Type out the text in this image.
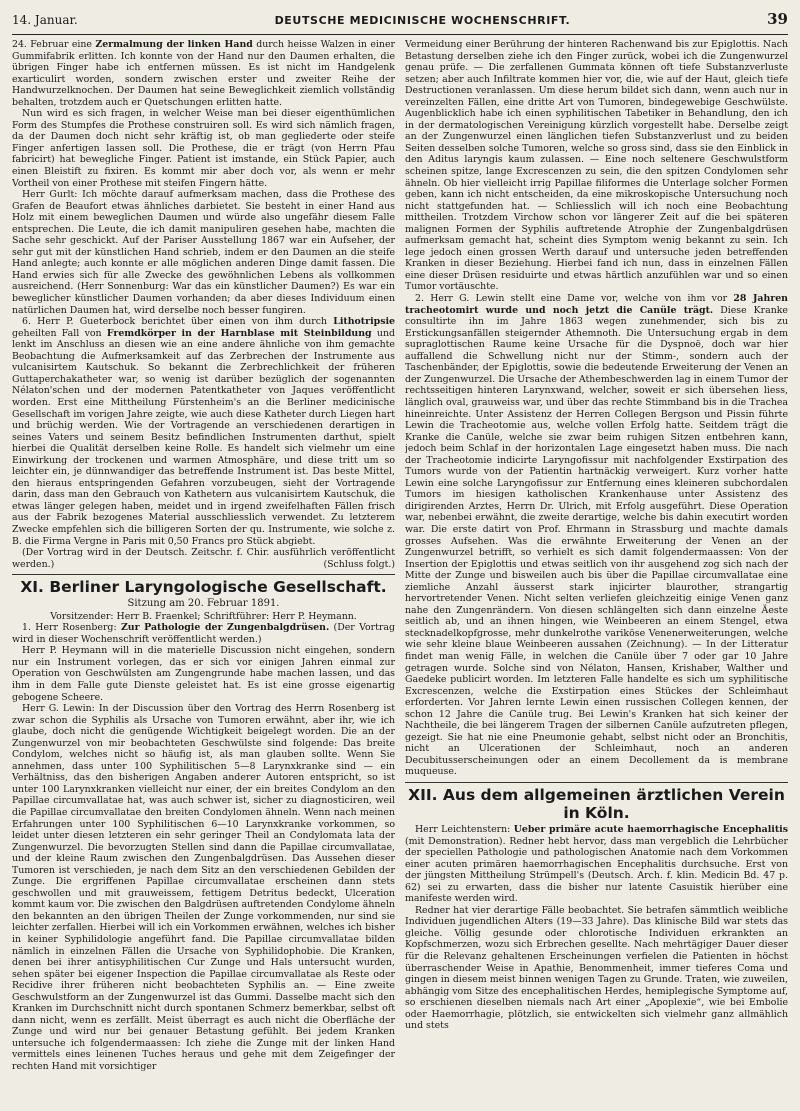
14. Januar.	DEUTSCHE MEDICINISCHE WOCHENSCHRIFT.	39

24. Februar eine Zermalmung der linken Hand durch heisse Walzen in einer Gummifabrik erlitten. Ich konnte von der Hand nur den Daumen erhalten, die übrigen Finger habe ich entfernen müssen. Es ist nicht im Handgelenk exarticulirt worden, sondern zwischen erster und zweiter Reihe der Handwurzelknochen. Der Daumen hat seine Beweglichkeit ziemlich vollständig behalten, trotzdem auch er Quetschungen erlitten hatte.

Nun wird es sich fragen, in welcher Weise man bei dieser eigenthümlichen Form des Stumpfes die Prothese construiren soll. Es wird sich nämlich fragen, da der Daumen doch nicht sehr kräftig ist, ob man gegliederte oder steife Finger anfertigen lassen soll. Die Prothese, die er trägt (von Herrn Pfau fabricirt) hat bewegliche Finger. Patient ist imstande, ein Stück Papier, auch einen Bleistift zu fixiren. Es kommt mir aber doch vor, als wenn er mehr Vortheil von einer Prothese mit steifen Fingern hätte.

Herr Gurlt: Ich möchte darauf aufmerksam machen, dass die Prothese des Grafen de Beaufort etwas ähnliches darbietet. Sie besteht in einer Hand aus Holz mit einem beweglichen Daumen und würde also ungefähr diesem Falle entsprechen. Die Leute, die ich damit manipuliren gesehen habe, machten die Sache sehr geschickt. Auf der Pariser Ausstellung 1867 war ein Aufseher, der sehr gut mit der künstlichen Hand schrieb, indem er den Daumen an die steife Hand anlegte; auch konnte er alle möglichen anderen Dinge damit fassen. Die Hand erwies sich für alle Zwecke des gewöhnlichen Lebens als vollkommen ausreichend. (Herr Sonnenburg: War das ein künstlicher Daumen?) Es war ein beweglicher künstlicher Daumen vorhanden; da aber dieses Individuum einen natürlichen Daumen hat, wird derselbe noch besser fungiren.

6. Herr P. Gueterbock berichtet über einen von ihm durch Lithotripsie geheilten Fall von Fremdkörper in der Harnblase mit Steinbildung und lenkt im Anschluss an diesen wie an eine andere ähnliche von ihm gemachte Beobachtung die Aufmerksamkeit auf das Zerbrechen der Instrumente aus vulcanisirtem Kautschuk. So bekannt die Zerbrechlichkeit der früheren Guttaperchakatheter war, so wenig ist darüber bezüglich der sogenannten Nélaton'schen und der modernen Patentkatheter von Jaques veröffentlicht worden. Erst eine Mittheilung Fürstenheim's an die Berliner medicinische Gesellschaft im vorigen Jahre zeigte, wie auch diese Katheter durch Liegen hart und brüchig werden. Wie der Vortragende an verschiedenen derartigen in seines Vaters und seinem Besitz befindlichen Instrumenten darthut, spielt hierbei die Qualität derselben keine Rolle. Es handelt sich vielmehr um eine Einwirkung der trockenen und warmen Atmosphäre, und diese tritt um so leichter ein, je dünnwandiger das betreffende Instrument ist. Das beste Mittel, den hieraus entspringenden Gefahren vorzubeugen, sieht der Vortragende darin, dass man den Gebrauch von Kathetern aus vulcanisirtem Kautschuk, die etwas länger gelegen haben, meidet und in irgend zweifelhaften Fällen frisch aus der Fabrik bezogenes Material ausschliesslich verwendet. Zu letzterem Zwecke empfehlen sich die billigeren Sorten der qu. Instrumente, wie solche z. B. die Firma Vergne in Paris mit 0,50 Francs pro Stück abgiebt.

(Der Vortrag wird in der Deutsch. Zeitschr. f. Chir. ausführlich veröffentlicht werden.)	(Schluss folgt.)

XI. Berliner Laryngologische Gesellschaft.
Sitzung am 20. Februar 1891.
Vorsitzender: Herr B. Fraenkel; Schriftführer: Herr P. Heymann.

1. Herr Rosenberg: Zur Pathologie der Zungenbalgdrüsen. (Der Vortrag wird in dieser Wochenschrift veröffentlicht werden.)

Herr P. Heymann will in die materielle Discussion nicht eingehen, sondern nur ein Instrument vorlegen, das er sich vor einigen Jahren einmal zur Operation von Geschwülsten am Zungengrunde habe machen lassen, und das ihm in dem Falle gute Dienste geleistet hat. Es ist eine grosse eigenartig gebogene Scheere.

Herr G. Lewin: In der Discussion über den Vortrag des Herrn Rosenberg ist zwar schon die Syphilis als Ursache von Tumoren erwähnt, aber ihr, wie ich glaube, doch nicht die genügende Wichtigkeit beigelegt worden. Die an der Zungenwurzel von mir beobachteten Geschwülste sind folgende: Das breite Condylom, welches nicht so häufig ist, als man glauben sollte. Wenn Sie annehmen, dass unter 100 Syphilitischen 5—8 Larynxkranke sind — ein Verhältniss, das den bisherigen Angaben anderer Autoren entspricht, so ist unter 100 Larynxkranken vielleicht nur einer, der ein breites Condylom an den Papillae circumvallatae hat, was auch schwer ist, sicher zu diagnosticiren, weil die Papillae circumvallatae den breiten Condylomen ähneln. Wenn nach meinen Erfahrungen unter 100 Syphilitischen 6—10 Larynxkranke vorkommen, so leidet unter diesen letzteren ein sehr geringer Theil an Condylomata lata der Zungenwurzel. Die bevorzugten Stellen sind dann die Papillae circumvallatae, und der kleine Raum zwischen den Zungenbalgdrüsen. Das Aussehen dieser Tumoren ist verschieden, je nach dem Sitz an den verschiedenen Gebilden der Zunge. Die ergriffenen Papillae circumvallatae erscheinen dann stets geschwollen und mit grauweissem, fettigem Detritus bedeckt, Ulceration kommt kaum vor. Die zwischen den Balgdrüsen auftretenden Condylome ähneln den bekannten an den übrigen Theilen der Zunge vorkommenden, nur sind sie leichter zerfallen. Hierbei will ich ein Vorkommen erwähnen, welches ich bisher in keiner Syphilidologie angeführt fand. Die Papillae circumvallatae bilden nämlich in einzelnen Fällen die Ursache von Syphilidophobie. Die Kranken, denen bei ihrer antisyphilitischen Cur Zunge und Hals untersucht wurden, sehen später bei eigener Inspection die Papillae circumvallatae als Reste oder Recidive ihrer früheren nicht beobachteten Syphilis an. — Eine zweite Geschwulstform an der Zungenwurzel ist das Gummi. Dasselbe macht sich den Kranken im Durchschnitt nicht durch spontanen Schmerz bemerkbar, selbst oft dann nicht, wenn es zerfällt. Meist überragt es auch nicht die Oberfläche der Zunge und wird nur bei genauer Betastung gefühlt. Bei jedem Kranken untersuche ich folgendermaassen: Ich ziehe die Zunge mit der linken Hand vermittels eines leinenen Tuches heraus und gehe mit dem Zeigefinger der rechten Hand mit vorsichtiger

Vermeidung einer Berührung der hinteren Rachenwand bis zur Epiglottis. Nach Betastung derselben ziehe ich den Finger zurück, wobei ich die Zungenwurzel genau prüfe. — Die zerfallenen Gummata können oft tiefe Substanzverluste setzen; aber auch Infiltrate kommen hier vor, die, wie auf der Haut, gleich tiefe Destructionen veranlassen. Um diese herum bildet sich dann, wenn auch nur in vereinzelten Fällen, eine dritte Art von Tumoren, bindegewebige Geschwülste. Augenblicklich habe ich einen syphilitischen Tabetiker in Behandlung, den ich in der dermatologischen Vereinigung kürzlich vorgestellt habe. Derselbe zeigt an der Zungenwurzel einen länglichen tiefen Substanzverlust und zu beiden Seiten desselben solche Tumoren, welche so gross sind, dass sie den Einblick in den Aditus laryngis kaum zulassen. — Eine noch seltenere Geschwulstform scheinen spitze, lange Excrescenzen zu sein, die den spitzen Condylomen sehr ähneln. Ob hier vielleicht irrig Papillae filiformes die Unterlage solcher Formen geben, kann ich nicht entscheiden, da eine mikroskopische Untersuchung noch nicht stattgefunden hat. — Schliesslich will ich noch eine Beobachtung mittheilen. Trotzdem Virchow schon vor längerer Zeit auf die bei späteren malignen Formen der Syphilis auftretende Atrophie der Zungenbalgdrüsen aufmerksam gemacht hat, scheint dies Symptom wenig bekannt zu sein. Ich lege jedoch einen grossen Werth darauf und untersuche jeden betreffenden Kranken in dieser Beziehung. Hierbei fand ich nun, dass in einzelnen Fällen eine dieser Drüsen residuirte und etwas härtlich anzufühlen war und so einen Tumor vortäuschte.

2. Herr G. Lewin stellt eine Dame vor, welche von ihm vor 28 Jahren tracheotomirt wurde und noch jetzt die Canüle trägt. Diese Kranke consultirte ihn im Jahre 1863 wegen zunehmender, sich bis zu Erstickungsanfällen steigernder Athemnoth. Die Untersuchung ergab in dem supraglottischen Raume keine Ursache für die Dyspnoë, doch war hier auffallend die Schwellung nicht nur der Stimm-, sondern auch der Taschenbänder, der Epiglottis, sowie die bedeutende Erweiterung der Venen an der Zungenwurzel. Die Ursache der Athembeschwerden lag in einem Tumor der rechtsseitigen hinteren Larynxwand, welcher, soweit er sich übersehen liess, länglich oval, grauweiss war, und über das rechte Stimmband bis in die Trachea hineinreichte. Unter Assistenz der Herren Collegen Bergson und Pissin führte Lewin die Tracheotomie aus, welche vollen Erfolg hatte. Seitdem trägt die Kranke die Canüle, welche sie zwar beim ruhigen Sitzen entbehren kann, jedoch beim Schlaf in der horizontalen Lage eingesetzt haben muss. Die nach der Tracheotomie indicirte Laryngofissur mit nachfolgender Exstirpation des Tumors wurde von der Patientin hartnäckig verweigert. Kurz vorher hatte Lewin eine solche Laryngofissur zur Entfernung eines kleineren subchordalen Tumors im hiesigen katholischen Krankenhause unter Assistenz des dirigirenden Arztes, Herrn Dr. Ulrich, mit Erfolg ausgeführt. Diese Operation war, nebenbei erwähnt, die zweite derartige, welche bis dahin executirt worden war. Die erste datirt von Prof. Ehrmann in Strassburg und machte damals grosses Aufsehen. Was die erwähnte Erweiterung der Venen an der Zungenwurzel betrifft, so verhielt es sich damit folgendermaassen: Von der Insertion der Epiglottis und etwas seitlich von ihr ausgehend zog sich nach der Mitte der Zunge und bisweilen auch bis über die Papillae circumvallatae eine ziemliche Anzahl äusserst stark injicirter blaurother, strangartig hervortretender Venen. Nicht selten verliefen gleichzeitig einige Venen ganz nahe den Zungenrändern. Von diesen schlängelten sich dann einzelne Äeste seitlich ab, und an ihnen hingen, wie Weinbeeren an einem Stengel, etwa stecknadelkopfgrosse, mehr dunkelrothe variköse Venenerweiterungen, welche wie sehr kleine blaue Weinbeeren aussahen (Zeichnung). — In der Litteratur findet man wenig Fälle, in welchen die Canüle über 7 oder gar 10 Jahre getragen wurde. Solche sind von Nélaton, Hansen, Krishaber, Walther und Gaedeke publicirt worden. Im letzteren Falle handelte es sich um syphilitische Excrescenzen, welche die Exstirpation eines Stückes der Schleimhaut erforderten. Vor Jahren lernte Lewin einen russischen Collegen kennen, der schon 12 Jahre die Canüle trug. Bei Lewin's Kranken hat sich keiner der Nachtheile, die bei längerem Tragen der silbernen Canüle aufzutreten pflegen, gezeigt. Sie hat nie eine Pneumonie gehabt, selbst nicht oder an Bronchitis, nicht an Ulcerationen der Schleimhaut, noch an anderen Decubitusserscheinungen oder an einem Decollement da is membrane muqueuse.

XII. Aus dem allgemeinen ärztlichen Verein in Köln.

Herr Leichtenstern: Ueber primäre acute haemorrhagische Encephalitis (mit Demonstration). Redner hebt hervor, dass man vergeblich die Lehrbücher der speciellen Pathologie und pathologischen Anatomie nach dem Vorkommen einer acuten primären haemorrhagischen Encephalitis durchsuche. Erst von der jüngsten Mittheilung Strümpell's (Deutsch. Arch. f. klin. Medicin Bd. 47 p. 62) sei zu erwarten, dass die bisher nur latente Casuistik hierüber eine manifeste werden wird.

Redner hat vier derartige Fälle beobachtet. Sie betrafen sämmtlich weibliche Individuen jugendlichen Alters (19—33 Jahre). Das klinische Bild war stets das gleiche. Völlig gesunde oder chlorotische Individuen erkrankten an Kopfschmerzen, wozu sich Erbrechen gesellte. Nach mehrtägiger Dauer dieser für die Relevanz gehaltenen Erscheinungen verfielen die Patienten in höchst überraschender Weise in Apathie, Benommenheit, immer tieferes Coma und gingen in diesem meist binnen wenigen Tagen zu Grunde. Traten, wie zuweilen, abhängig vom Sitze des encephalitischen Herdes, hemiplegische Symptome auf, so erschienen dieselben niemals nach Art einer „Apoplexie“, wie bei Embolie oder Haemorrhagie, plötzlich, sie entwickelten sich vielmehr ganz allmählich und stets
